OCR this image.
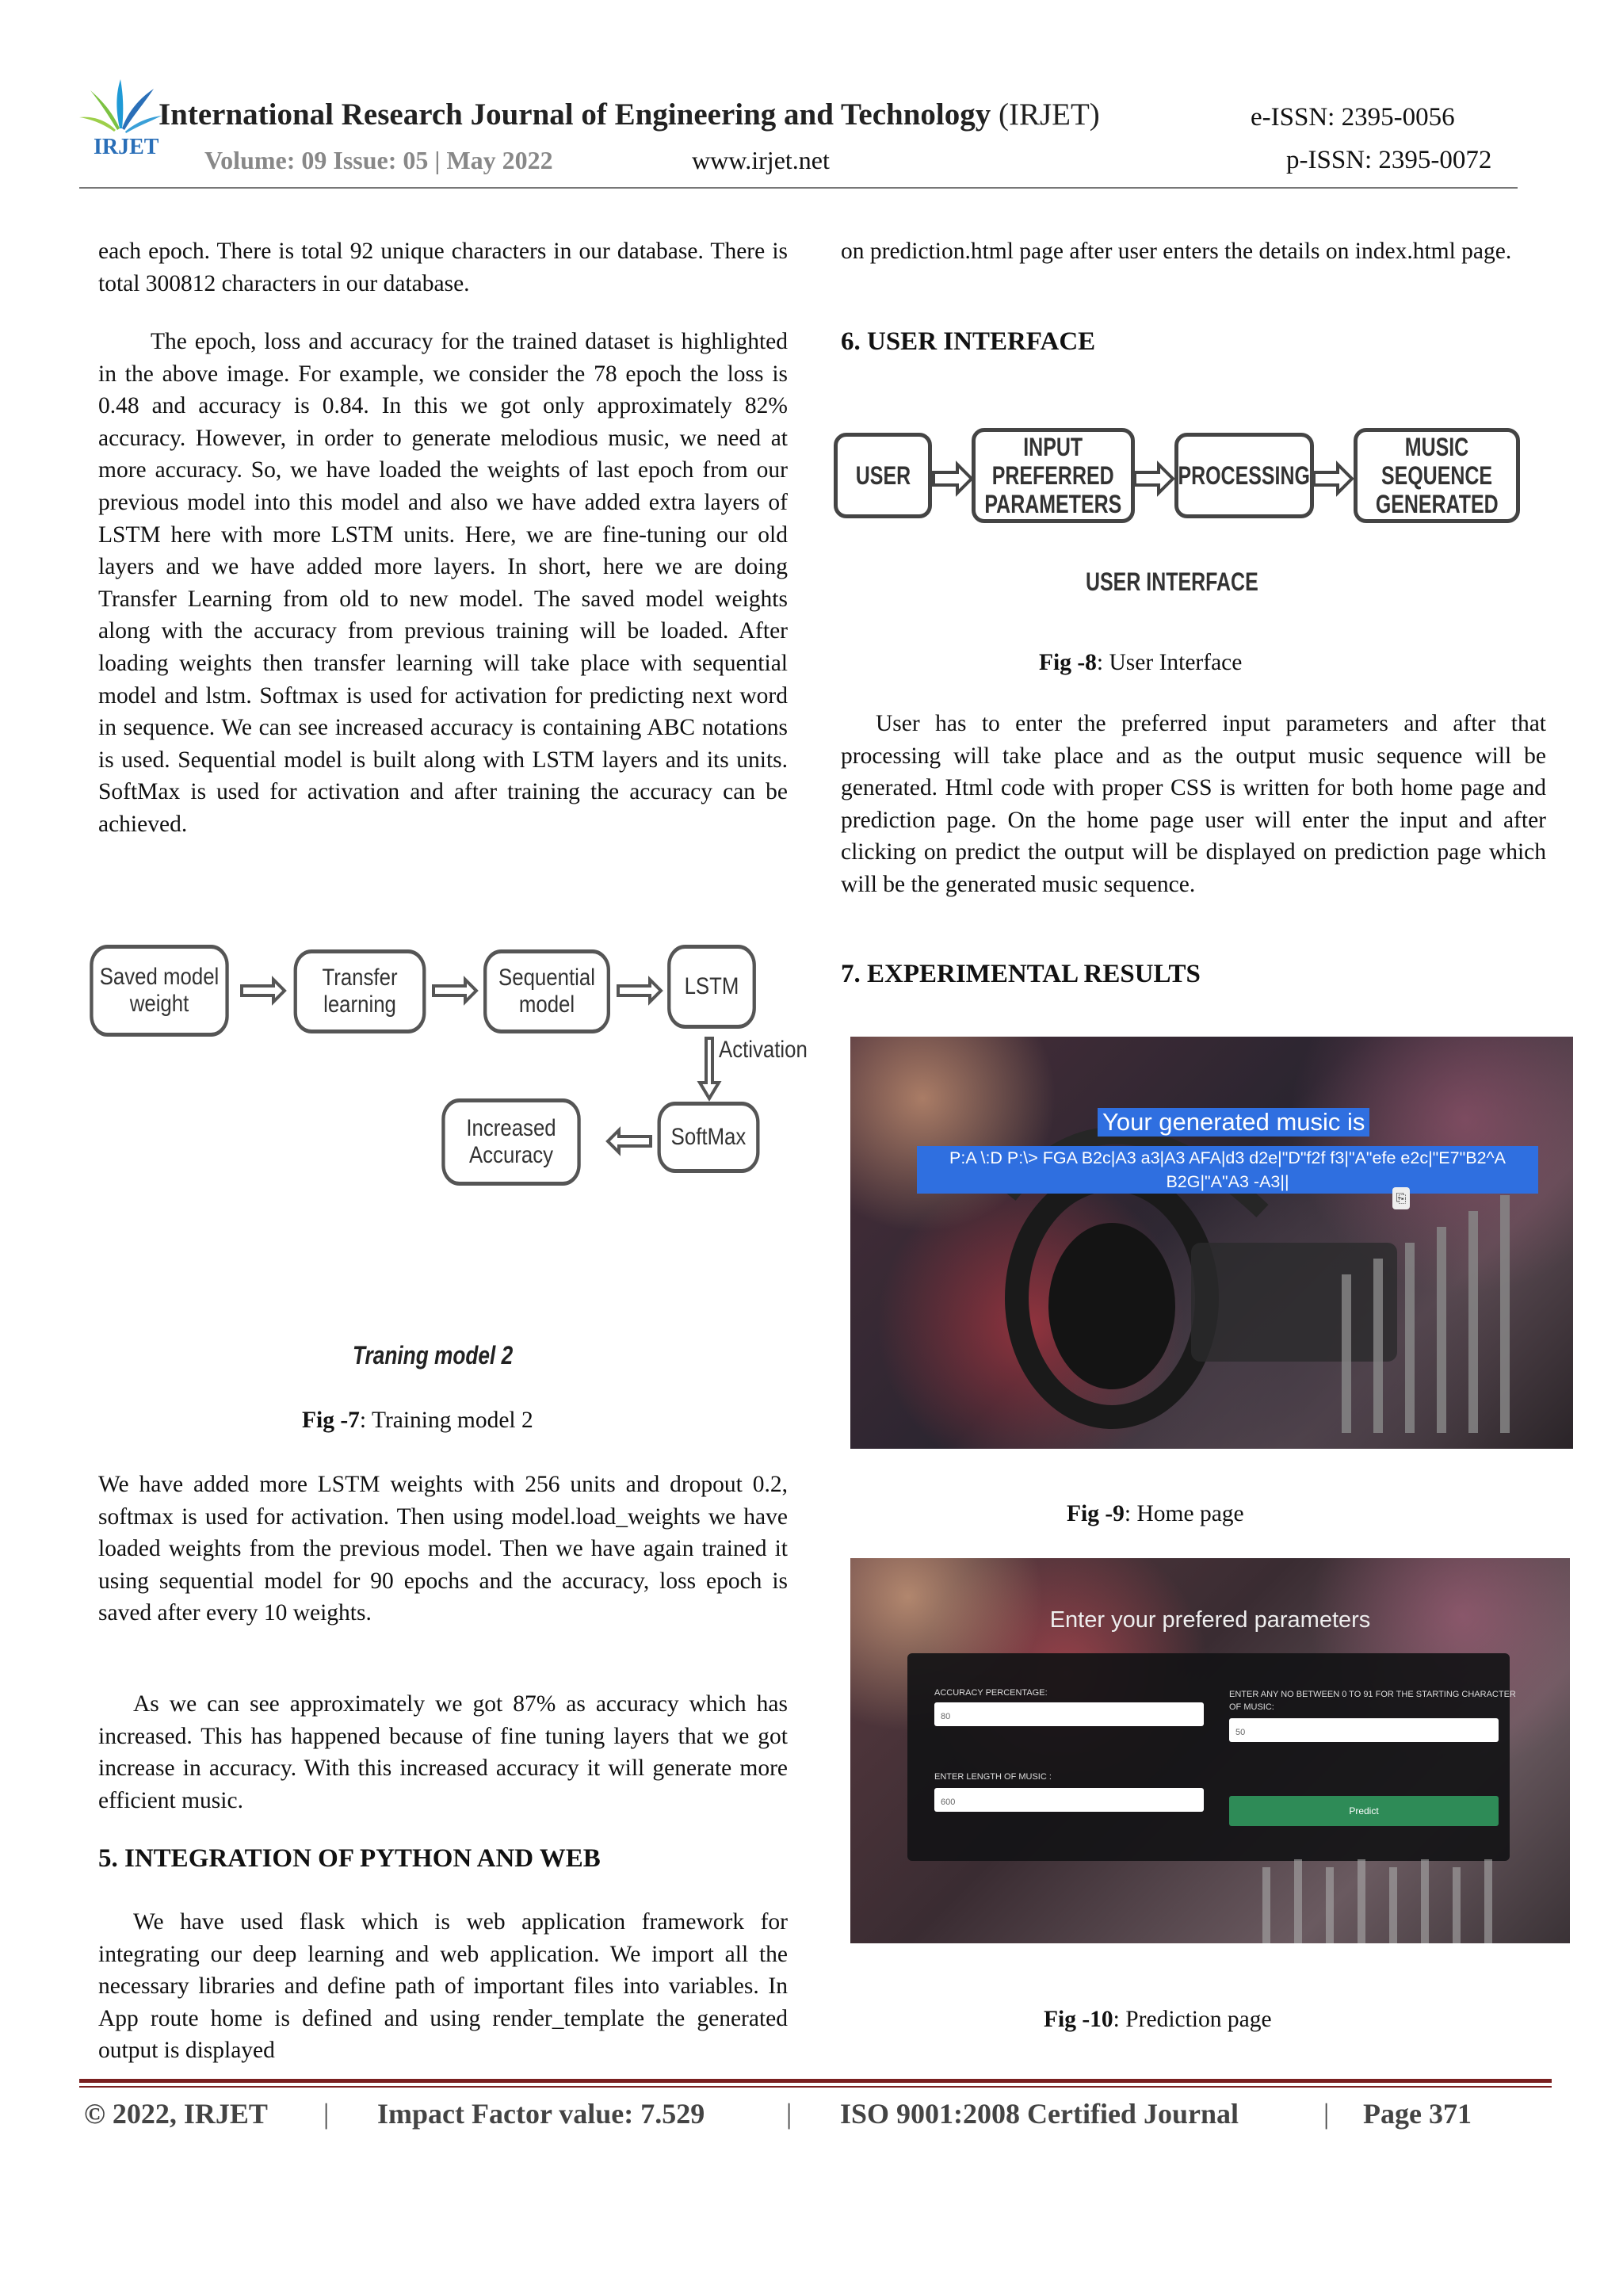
IRJET
International Research Journal of Engineering and Technology (IRJET)	e-ISSN: 2395-0056
Volume: 09 Issue: 05 | May 2022	www.irjet.net	p-ISSN: 2395-0072
each epoch. There is total 92 unique characters in our database. There is total 300812 characters in our database.
The epoch, loss and accuracy for the trained dataset is highlighted in the above image. For example, we consider the 78 epoch the loss is 0.48 and accuracy is 0.84. In this we got only approximately 82% accuracy. However, in order to generate melodious music, we need at more accuracy. So, we have loaded the weights of last epoch from our previous model into this model and also we have added extra layers of LSTM here with more LSTM units. Here, we are fine-tuning our old layers and we have added more layers. In short, here we are doing Transfer Learning from old to new model. The saved model weights along with the accuracy from previous training will be loaded. After loading weights then transfer learning will take place with sequential model and lstm. Softmax is used for activation for predicting next word in sequence. We can see increased accuracy is containing ABC notations is used. Sequential model is built along with LSTM layers and its units. SoftMax is used for activation and after training the accuracy can be achieved.
Saved model weight
Transfer learning
Sequential model
LSTM
Activation
SoftMax
Increased Accuracy
Traning model 2
Fig -7: Training model 2
We have added more LSTM weights with 256 units and dropout 0.2, softmax is used for activation. Then using model.load_weights we have loaded weights from the previous model. Then we have again trained it using sequential model for 90 epochs and the accuracy, loss epoch is saved after every 10 weights.
As we can see approximately we got 87% as accuracy which has increased. This has happened because of fine tuning layers that we got increase in accuracy. With this increased accuracy it will generate more efficient music.
5. INTEGRATION OF PYTHON AND WEB
We have used flask which is web application framework for integrating our deep learning and web application. We import all the necessary libraries and define path of important files into variables. In App route home is defined and using render_template the generated output is displayed
on prediction.html page after user enters the details on index.html page.
6. USER INTERFACE
USER
INPUT PREFERRED
PARAMETERS
PROCESSING
MUSIC SEQUENCE
GENERATED
USER INTERFACE
Fig -8: User Interface
User has to enter the preferred input parameters and after that processing will take place and as the output music sequence will be generated. Html code with proper CSS is written for both home page and prediction page. On the home page user will enter the input and after clicking on predict the output will be displayed on prediction page which will be the generated music sequence.
7. EXPERIMENTAL RESULTS
Your generated music is
P:A \:D P:\> FGA B2c|A3 a3|A3 AFA|d3 d2e|"D"f2f f3|"A"efe e2c|"E7"B2^A
B2G|"A"A3 -A3||
⎘
Fig -9: Home page
Enter your prefered parameters
ACCURACY PERCENTAGE:
80
ENTER ANY NO BETWEEN 0 TO 91 FOR THE STARTING CHARACTER
OF MUSIC:
50
ENTER LENGTH OF MUSIC :
600
Predict
Fig -10: Prediction page
© 2022, IRJET | Impact Factor value: 7.529	| ISO 9001:2008 Certified Journal	| Page 371
